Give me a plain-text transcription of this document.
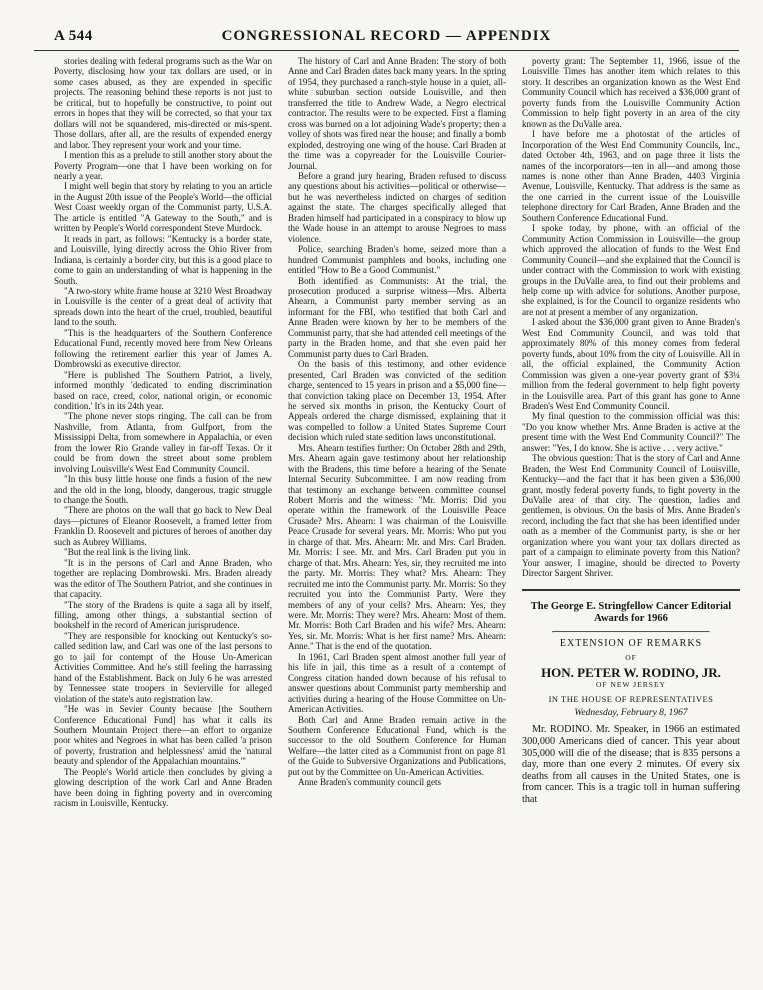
A 544	CONGRESSIONAL RECORD — APPENDIX

stories dealing with federal programs such as the War on Poverty, disclosing how your tax dollars are used, or in some cases abused, as they are expended in specific projects. The reasoning behind these reports is not just to be critical, but to hopefully be constructive, to point out errors in hopes that they will be corrected, so that your tax dollars will not be squandered, mis-directed or mis-spent. Those dollars, after all, are the results of expended energy and labor. They represent your work and your time.

I mention this as a prelude to still another story about the Poverty Program—one that I have been working on for nearly a year.

I might well begin that story by relating to you an article in the August 20th issue of the People's World—the official West Coast weekly organ of the Communist party, U.S.A. The article is entitled "A Gateway to the South," and is written by People's World correspondent Steve Murdock.

It reads in part, as follows: "Kentucky is a border state, and Louisville, lying directly across the Ohio River from Indiana, is certainly a border city, but this is a good place to come to gain an understanding of what is happening in the South.

"A two-story white frame house at 3210 West Broadway in Louisville is the center of a great deal of activity that spreads down into the heart of the cruel, troubled, beautiful land to the south.

"This is the headquarters of the Southern Conference Educational Fund, recently moved here from New Orleans following the retirement earlier this year of James A. Dombrowski as executive director.

"Here is published The Southern Patriot, a lively, informed monthly 'dedicated to ending discrimination based on race, creed, color, national origin, or economic condition.' It's in its 24th year.

"The phone never stops ringing. The call can be from Nashville, from Atlanta, from Gulfport, from the Mississippi Delta, from somewhere in Appalachia, or even from the lower Rio Grande valley in far-off Texas. Or it could be from down the street about some problem involving Louisville's West End Community Council.

"In this busy little house one finds a fusion of the new and the old in the long, bloody, dangerous, tragic struggle to change the South.

"There are photos on the wall that go back to New Deal days—pictures of Eleanor Roosevelt, a framed letter from Franklin D. Roosevelt and pictures of heroes of another day such as Aubrey Williams.

"But the real link is the living link.

"It is in the persons of Carl and Anne Braden, who together are replacing Dombrowski. Mrs. Braden already was the editor of The Southern Patriot, and she continues in that capacity.

"The story of the Bradens is quite a saga all by itself, filling, among other things, a substantial section of bookshelf in the record of American jurisprudence.

"They are responsible for knocking out Kentucky's so-called sedition law, and Carl was one of the last persons to go to jail for contempt of the House Un-American Activities Committee. And he's still feeling the harrassing hand of the Establishment. Back on July 6 he was arrested by Tennessee state troopers in Sevierville for alleged violation of the state's auto registration law.

"He was in Sevier County because [the Southern Conference Educational Fund] has what it calls its Southern Mountain Project there—an effort to organize poor whites and Negroes in what has been called 'a prison of poverty, frustration and helplessness' amid the 'natural beauty and splendor of the Appalachian mountains.'"

The People's World article then concludes by giving a glowing description of the work Carl and Anne Braden have been doing in fighting poverty and in overcoming racism in Louisville, Kentucky.

The history of Carl and Anne Braden: The story of both Anne and Carl Braden dates back many years. In the spring of 1954, they purchased a ranch-style house in a quiet, all-white suburban section outside Louisville, and then transferred the title to Andrew Wade, a Negro electrical contractor. The results were to be expected. First a flaming cross was burned on a lot adjoining Wade's property; then a volley of shots was fired near the house; and finally a bomb exploded, destroying one wing of the house. Carl Braden at the time was a copyreader for the Louisville Courier-Journal.

Before a grand jury hearing, Braden refused to discuss any questions about his activities—political or otherwise—but he was nevertheless indicted on charges of sedition against the state. The charges specifically alleged that Braden himself had participated in a conspiracy to blow up the Wade house in an attempt to arouse Negroes to mass violence.

Police, searching Braden's home, seized more than a hundred Communist pamphlets and books, including one entitled "How to Be a Good Communist."

Both identified as Communists: At the trial, the prosecution produced a surprise witness—Mrs. Alberta Ahearn, a Communist party member serving as an informant for the FBI, who testified that both Carl and Anne Braden were known by her to be members of the Communist party, that she had attended cell meetings of the party in the Braden home, and that she even paid her Communist party dues to Carl Braden.

On the basis of this testimony, and other evidence presented, Carl Braden was convicted of the sedition charge, sentenced to 15 years in prison and a $5,000 fine—that conviction taking place on December 13, 1954. After he served six months in prison, the Kentucky Court of Appeals ordered the charge dismissed, explaining that it was compelled to follow a United States Supreme Court decision which ruled state sedition laws unconstitutional.

Mrs. Ahearn testifies further: On October 28th and 29th, Mrs. Ahearn again gave testimony about her relationship with the Bradens, this time before a hearing of the Senate Internal Security Subcommittee. I am now reading from that testimony an exchange between committee counsel Robert Morris and the witness: "Mr. Morris: Did you operate within the framework of the Louisville Peace Crusade? Mrs. Ahearn: I was chairman of the Louisville Peace Crusade for several years. Mr. Morris: Who put you in charge of that. Mrs. Ahearn: Mr. and Mrs. Carl Braden. Mr. Morris: I see. Mr. and Mrs. Carl Braden put you in charge of that. Mrs. Ahearn: Yes, sir, they recruited me into the party. Mr. Morris: They what? Mrs. Ahearn: They recruited me into the Communist party. Mr. Morris: So they recruited you into the Communist Party. Were they members of any of your cells? Mrs. Ahearn: Yes, they were. Mr. Morris: They were? Mrs. Ahearn: Most of them. Mr. Morris: Both Carl Braden and his wife? Mrs. Ahearn: Yes, sir. Mr. Morris: What is her first name? Mrs. Ahearn: Anne." That is the end of the quotation.

In 1961, Carl Braden spent almost another full year of his life in jail, this time as a result of a contempt of Congress citation handed down because of his refusal to answer questions about Communist party membership and activities during a hearing of the House Committee on Un-American Activities.

Both Carl and Anne Braden remain active in the Southern Conference Educational Fund, which is the successor to the old Southern Conference for Human Welfare—the latter cited as a Communist front on page 81 of the Guide to Subversive Organizations and Publications, put out by the Committee on Un-American Activities.

Anne Braden's community council gets

poverty grant: The September 11, 1966, issue of the Louisville Times has another item which relates to this story. It describes an organization known as the West End Community Council which has received a $36,000 grant of poverty funds from the Louisville Community Action Commission to help fight poverty in an area of the city known as the DuValle area.

I have before me a photostat of the articles of Incorporation of the West End Community Councils, Inc., dated October 4th, 1963, and on page three it lists the names of the incorporators—ten in all—and among those names is none other than Anne Braden, 4403 Virginia Avenue, Louisville, Kentucky. That address is the same as the one carried in the current issue of the Louisville telephone directory for Carl Braden, Anne Braden and the Southern Conference Educational Fund.

I spoke today, by phone, with an official of the Community Action Commission in Louisville—the group which approved the allocation of funds to the West End Community Council—and she explained that the Council is under contract with the Commission to work with existing groups in the DuValle area, to find out their problems and help come up with advice for solutions. Another purpose, she explained, is for the Council to organize residents who are not at present a member of any organization.

I asked about the $36,000 grant given to Anne Braden's West End Community Council, and was told that approximately 80% of this money comes from federal poverty funds, about 10% from the city of Louisville. All in all, the official explained, the Community Action Commission was given a one-year poverty grant of $3¼ million from the federal government to help fight poverty in the Louisville area. Part of this grant has gone to Anne Braden's West End Community Council.

My final question to the commission official was this: "Do you know whether Mrs. Anne Braden is active at the present time with the West End Community Council?" The answer: "Yes, I do know. She is active . . . very active."

The obvious question: That is the story of Carl and Anne Braden, the West End Community Council of Louisville, Kentucky—and the fact that it has been given a $36,000 grant, mostly federal poverty funds, to fight poverty in the DuValle area of that city. The question, ladies and gentlemen, is obvious. On the basis of Mrs. Anne Braden's record, including the fact that she has been identified under oath as a member of the Communist party, is she or her organization where you want your tax dollars directed as part of a campaign to eliminate poverty from this Nation? Your answer, I imagine, should be directed to Poverty Director Sargent Shriver.

The George E. Stringfellow Cancer Editorial Awards for 1966
EXTENSION OF REMARKS
OF
HON. PETER W. RODINO, JR.
OF NEW JERSEY
IN THE HOUSE OF REPRESENTATIVES
Wednesday, February 8, 1967

Mr. RODINO. Mr. Speaker, in 1966 an estimated 300,000 Americans died of cancer. This year about 305,000 will die of the disease; that is 835 persons a day, more than one every 2 minutes. Of every six deaths from all causes in the United States, one is from cancer. This is a tragic toll in human suffering that
